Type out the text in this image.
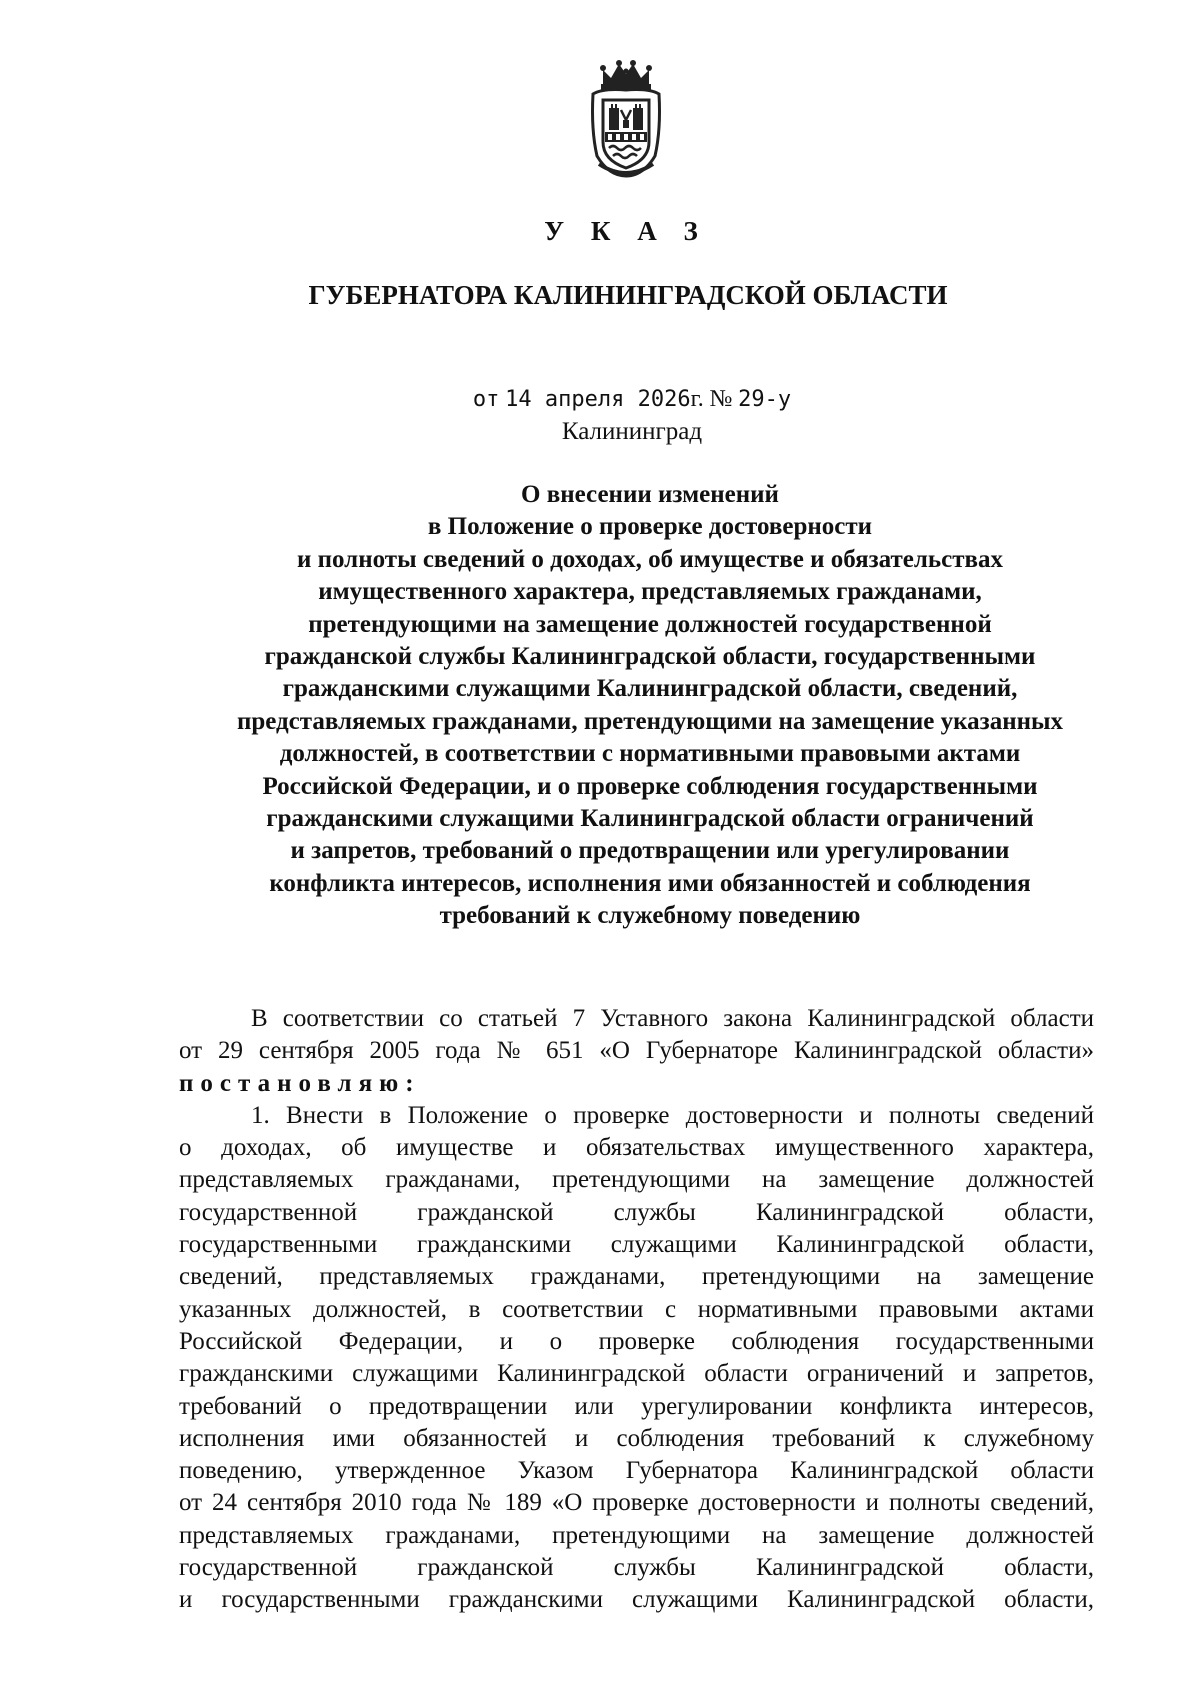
У К А З
ГУБЕРНАТОРА КАЛИНИНГРАДСКОЙ ОБЛАСТИ
от 14 апреля 2026г. № 29-у
Калининград
О внесении изменений
в Положение о проверке достоверности
и полноты сведений о доходах, об имуществе и обязательствах
имущественного характера, представляемых гражданами,
претендующими на замещение должностей государственной
гражданской службы Калининградской области, государственными
гражданскими служащими Калининградской области, сведений,
представляемых гражданами, претендующими на замещение указанных
должностей, в соответствии с нормативными правовыми актами
Российской Федерации, и о проверке соблюдения государственными
гражданскими служащими Калининградской области ограничений
и запретов, требований о предотвращении или урегулировании
конфликта интересов, исполнения ими обязанностей и соблюдения
требований к служебному поведению
В соответствии со статьей 7 Уставного закона Калининградской области
от 29 сентября 2005 года № 651 «О Губернаторе Калининградской области»
постановляю:
1. Внести в Положение о проверке достоверности и полноты сведений
о доходах, об имуществе и обязательствах имущественного характера,
представляемых гражданами, претендующими на замещение должностей
государственной гражданской службы Калининградской области,
государственными гражданскими служащими Калининградской области,
сведений, представляемых гражданами, претендующими на замещение
указанных должностей, в соответствии с нормативными правовыми актами
Российской Федерации, и о проверке соблюдения государственными
гражданскими служащими Калининградской области ограничений и запретов,
требований о предотвращении или урегулировании конфликта интересов,
исполнения ими обязанностей и соблюдения требований к служебному
поведению, утвержденное Указом Губернатора Калининградской области
от 24 сентября 2010 года № 189 «О проверке достоверности и полноты сведений,
представляемых гражданами, претендующими на замещение должностей
государственной гражданской службы Калининградской области,
и государственными гражданскими служащими Калининградской области,
